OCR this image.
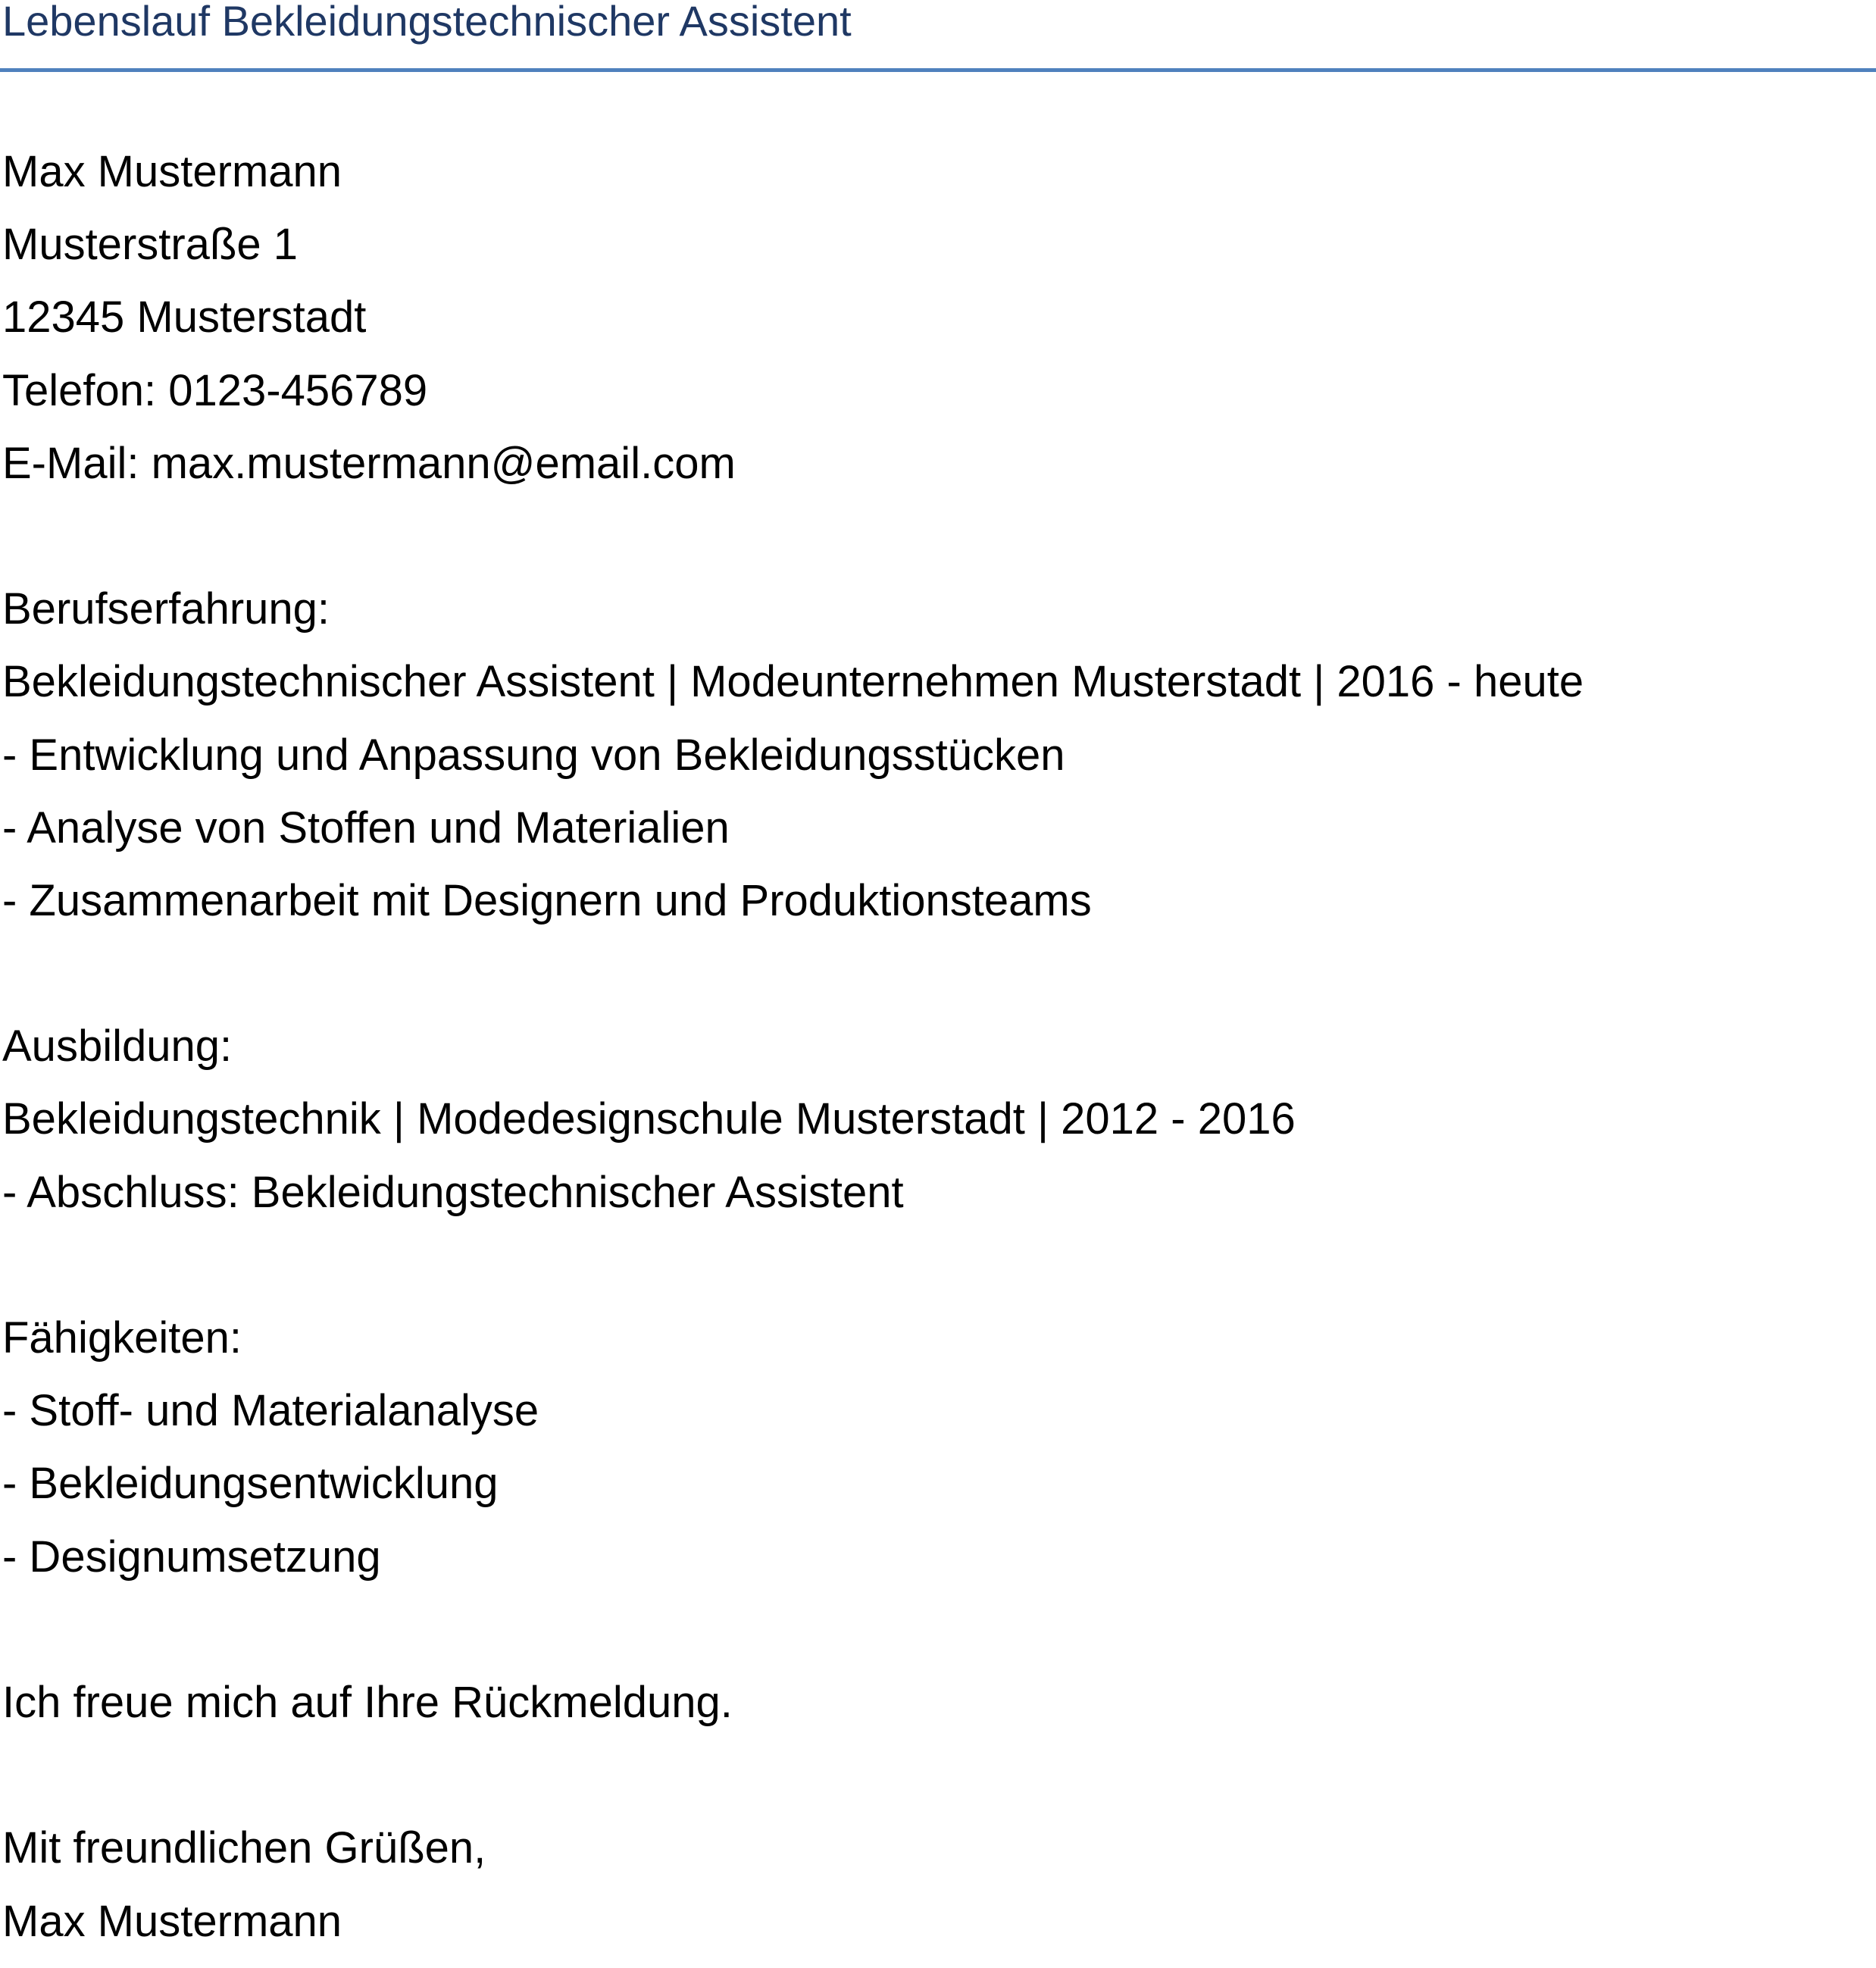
Lebenslauf Bekleidungstechnischer Assistent
Max Mustermann
Musterstraße 1
12345 Musterstadt
Telefon: 0123-456789
E-Mail: max.mustermann@email.com
Berufserfahrung:
Bekleidungstechnischer Assistent | Modeunternehmen Musterstadt | 2016 - heute
- Entwicklung und Anpassung von Bekleidungsstücken
- Analyse von Stoffen und Materialien
- Zusammenarbeit mit Designern und Produktionsteams
Ausbildung:
Bekleidungstechnik | Modedesignschule Musterstadt | 2012 - 2016
- Abschluss: Bekleidungstechnischer Assistent
Fähigkeiten:
- Stoff- und Materialanalyse
- Bekleidungsentwicklung
- Designumsetzung
Ich freue mich auf Ihre Rückmeldung.
Mit freundlichen Grüßen,
Max Mustermann
